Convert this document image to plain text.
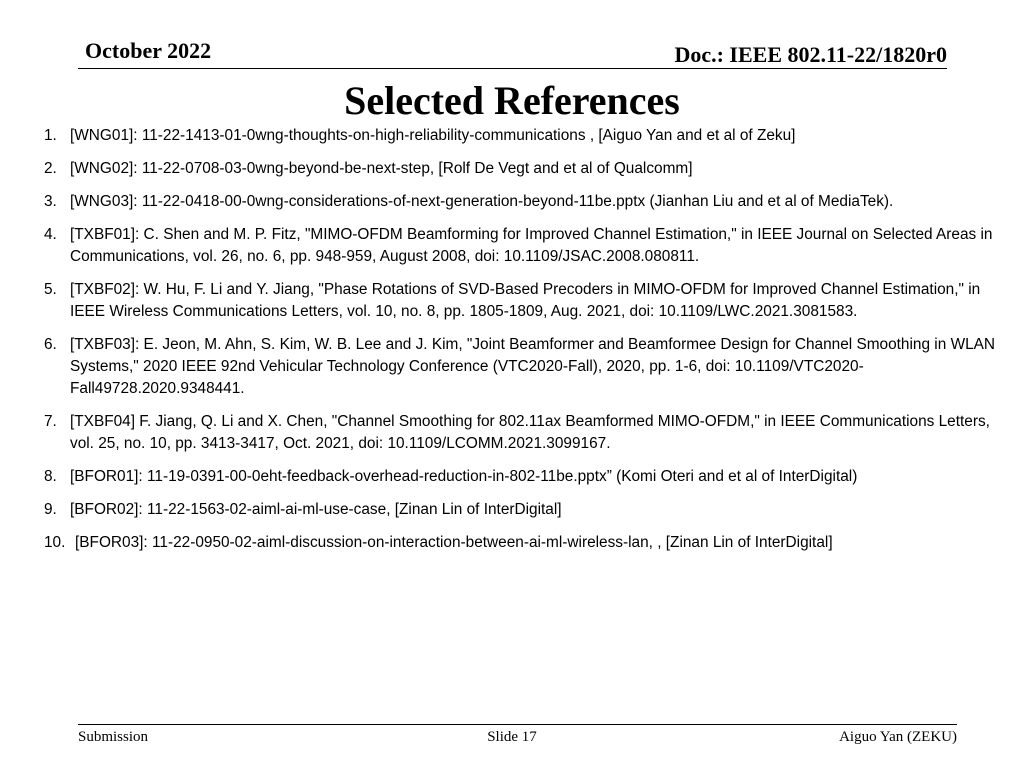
October 2022	Doc.: IEEE 802.11-22/1820r0
Selected References
1. [WNG01]: 11-22-1413-01-0wng-thoughts-on-high-reliability-communications , [Aiguo Yan and et al of Zeku]
2. [WNG02]: 11-22-0708-03-0wng-beyond-be-next-step, [Rolf De Vegt and et al of Qualcomm]
3. [WNG03]: 11-22-0418-00-0wng-considerations-of-next-generation-beyond-11be.pptx (Jianhan Liu and et al of MediaTek).
4. [TXBF01]: C. Shen and M. P. Fitz, "MIMO-OFDM Beamforming for Improved Channel Estimation," in IEEE Journal on Selected Areas in Communications, vol. 26, no. 6, pp. 948-959, August 2008, doi: 10.1109/JSAC.2008.080811.
5. [TXBF02]: W. Hu, F. Li and Y. Jiang, "Phase Rotations of SVD-Based Precoders in MIMO-OFDM for Improved Channel Estimation," in IEEE Wireless Communications Letters, vol. 10, no. 8, pp. 1805-1809, Aug. 2021, doi: 10.1109/LWC.2021.3081583.
6. [TXBF03]: E. Jeon, M. Ahn, S. Kim, W. B. Lee and J. Kim, "Joint Beamformer and Beamformee Design for Channel Smoothing in WLAN Systems," 2020 IEEE 92nd Vehicular Technology Conference (VTC2020-Fall), 2020, pp. 1-6, doi: 10.1109/VTC2020-Fall49728.2020.9348441.
7. [TXBF04] F. Jiang, Q. Li and X. Chen, "Channel Smoothing for 802.11ax Beamformed MIMO-OFDM," in IEEE Communications Letters, vol. 25, no. 10, pp. 3413-3417, Oct. 2021, doi: 10.1109/LCOMM.2021.3099167.
8. [BFOR01]: 11-19-0391-00-0eht-feedback-overhead-reduction-in-802-11be.pptx” (Komi Oteri and et al of InterDigital)
9. [BFOR02]: 11-22-1563-02-aiml-ai-ml-use-case, [Zinan Lin of InterDigital]
10. [BFOR03]: 11-22-0950-02-aiml-discussion-on-interaction-between-ai-ml-wireless-lan, , [Zinan Lin of InterDigital]
Submission	Slide 17	Aiguo Yan (ZEKU)
